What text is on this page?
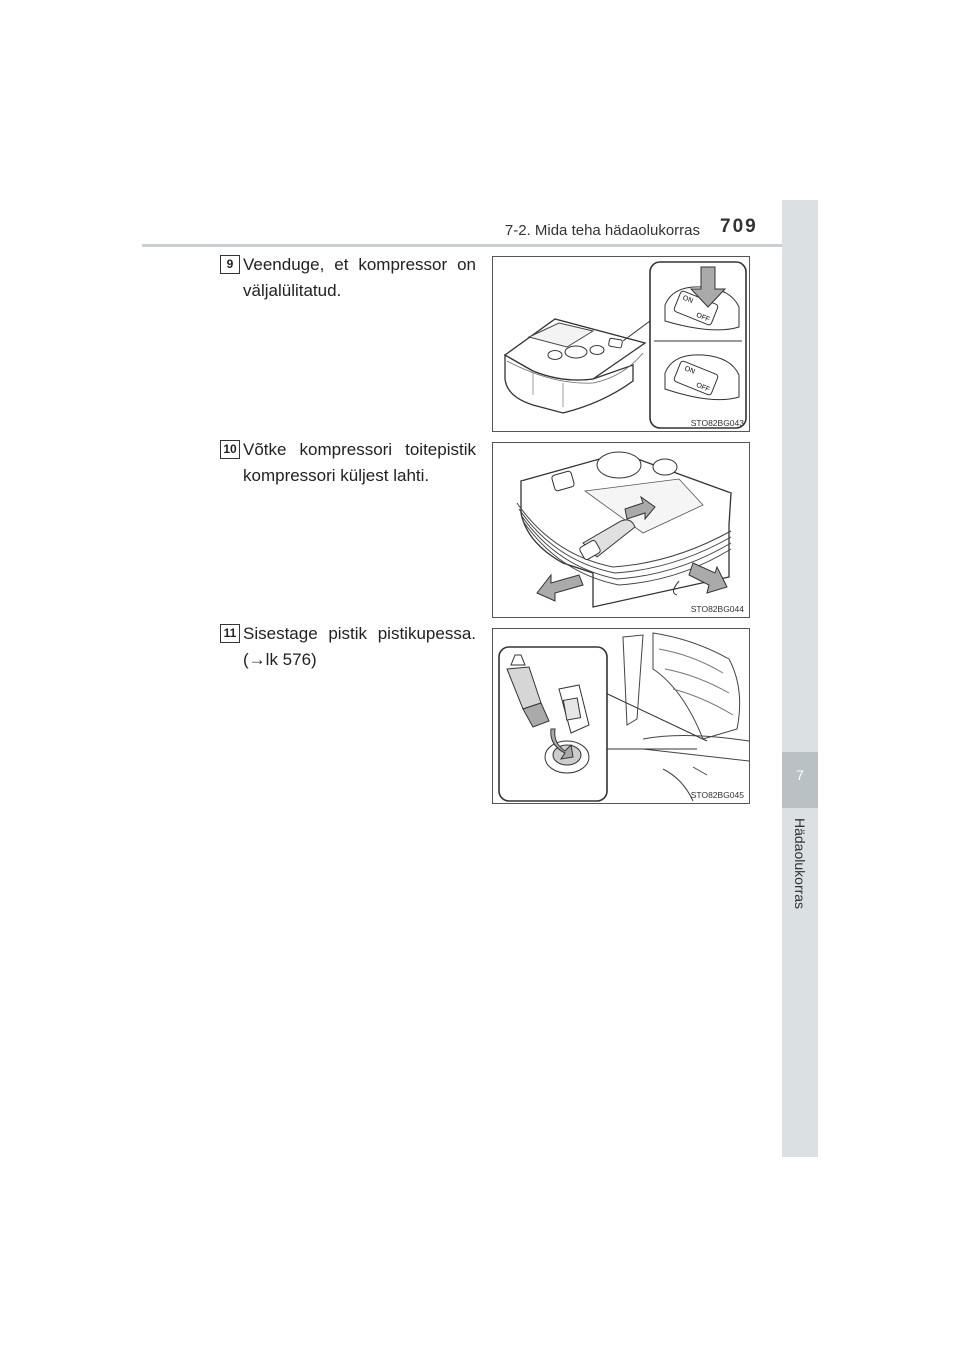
7-2. Mida teha hädaolukorras 709
7
Hädaolukorras
9 Veenduge, et kompressor on
väljalülitatud.	ON
OFF
ON
OFF
STO82BG043
10 Võtke kompressori toitepistik
kompressori küljest lahti.
STO82BG044
11 Sisestage pistik pistikupessa.
(→lk 576)
STO82BG045
